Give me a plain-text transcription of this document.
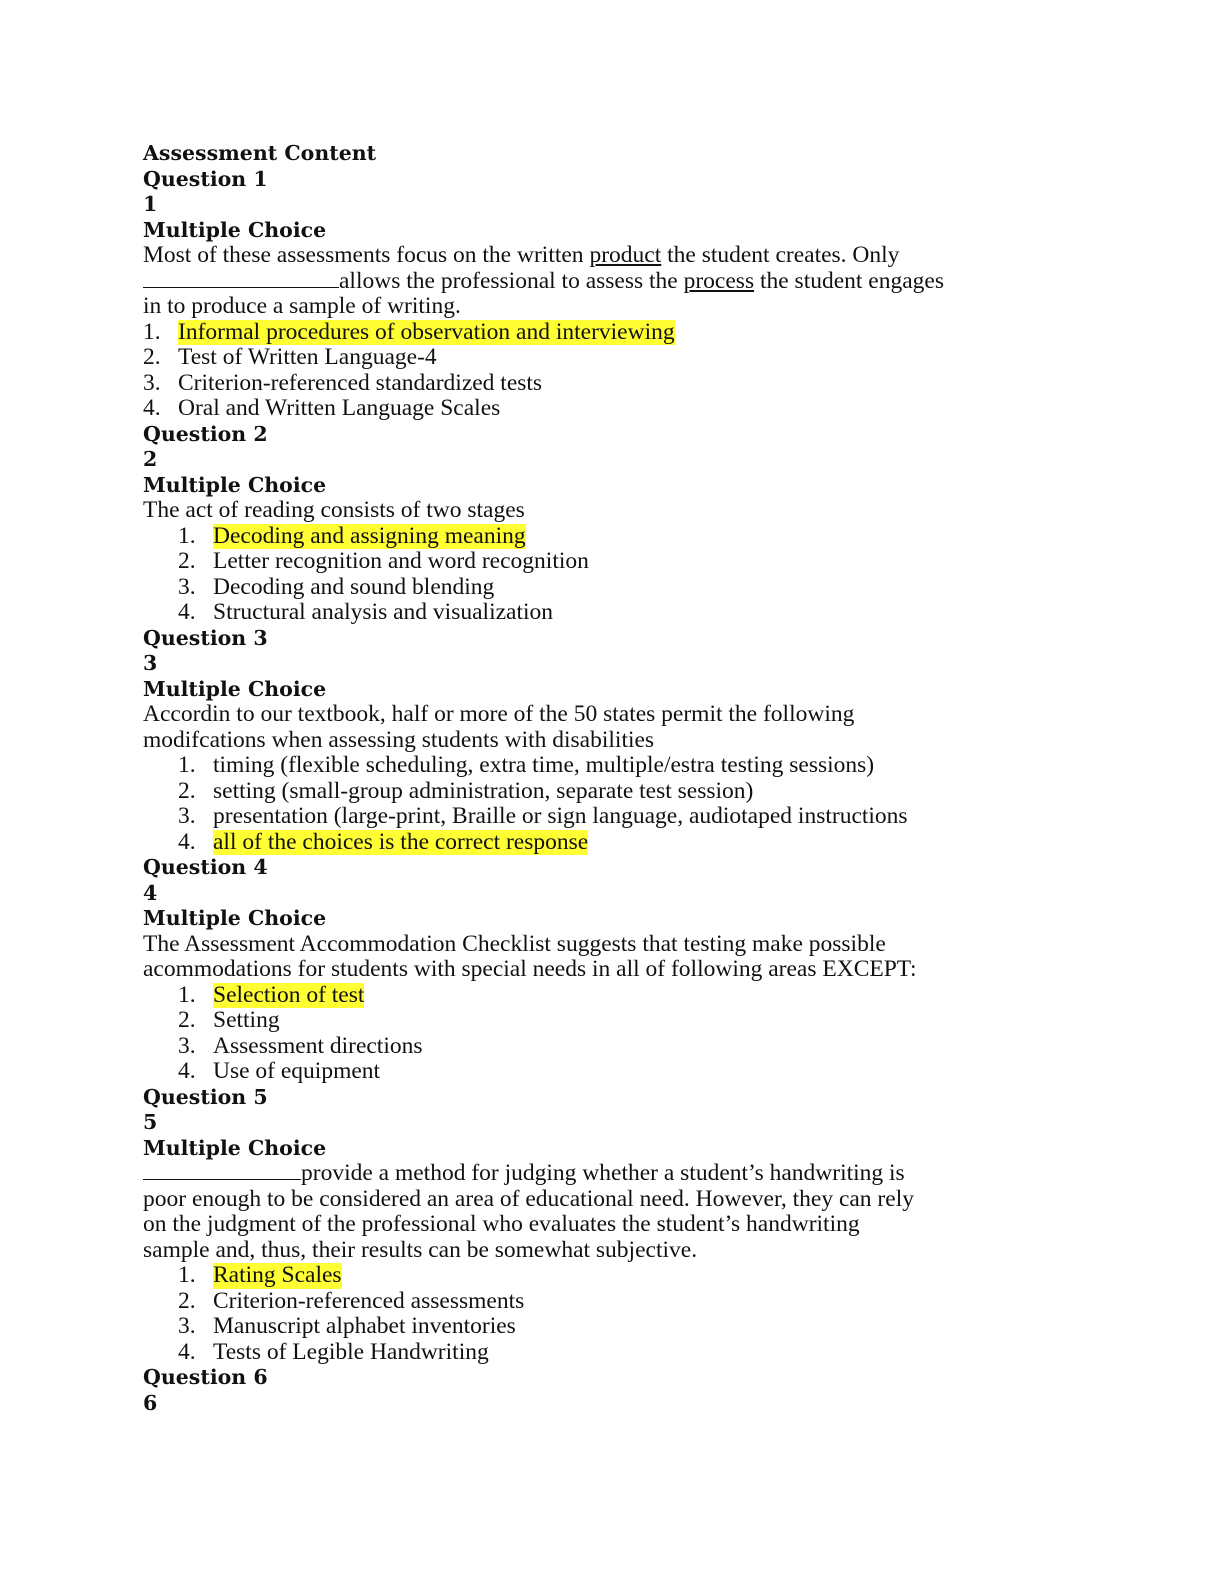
Assessment Content
Question 1
1
Multiple Choice
Most of these assessments focus on the written product the student creates. Only
allows the professional to assess the process the student engages
in to produce a sample of writing.
1. Informal procedures of observation and interviewing
2. Test of Written Language-4
3. Criterion-referenced standardized tests
4. Oral and Written Language Scales
Question 2
2
Multiple Choice
The act of reading consists of two stages
1. Decoding and assigning meaning
2. Letter recognition and word recognition
3. Decoding and sound blending
4. Structural analysis and visualization
Question 3
3
Multiple Choice
Accordin to our textbook, half or more of the 50 states permit the following
modifcations when assessing students with disabilities
1. timing (flexible scheduling, extra time, multiple/estra testing sessions)
2. setting (small-group administration, separate test session)
3. presentation (large-print, Braille or sign language, audiotaped instructions
4. all of the choices is the correct response
Question 4
4
Multiple Choice
The Assessment Accommodation Checklist suggests that testing make possible
acommodations for students with special needs in all of following areas EXCEPT:
1. Selection of test
2. Setting
3. Assessment directions
4. Use of equipment
Question 5
5
Multiple Choice
provide a method for judging whether a student’s handwriting is
poor enough to be considered an area of educational need. However, they can rely
on the judgment of the professional who evaluates the student’s handwriting
sample and, thus, their results can be somewhat subjective.
1. Rating Scales
2. Criterion-referenced assessments
3. Manuscript alphabet inventories
4. Tests of Legible Handwriting
Question 6
6
